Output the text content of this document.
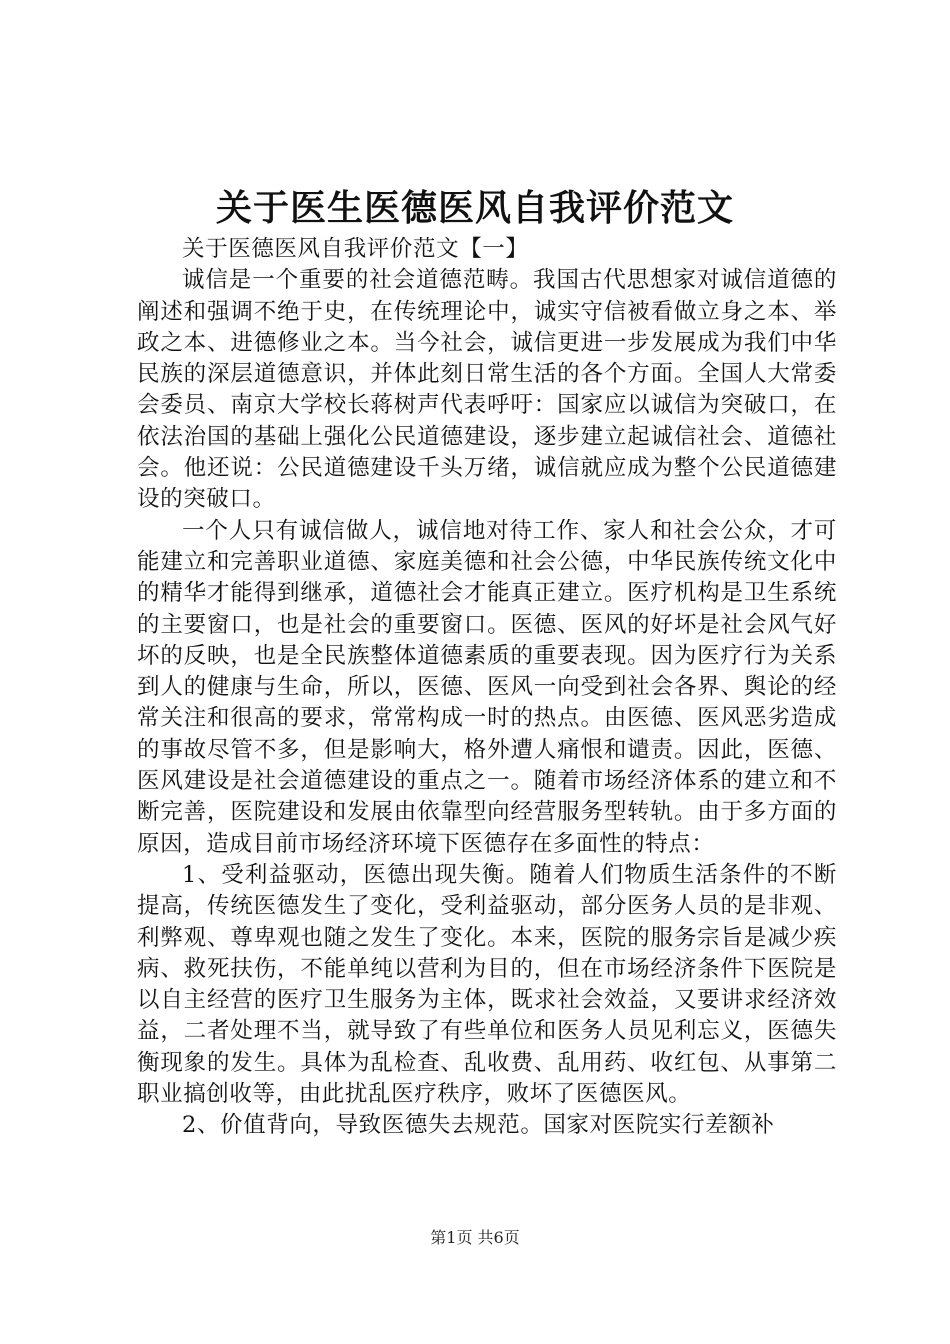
关于医生医德医风自我评价范文

关于医德医风自我评价范文【一】

诚信是一个重要的社会道德范畴。我国古代思想家对诚信道德的阐述和强调不绝于史，在传统理论中，诚实守信被看做立身之本、举政之本、进德修业之本。当今社会，诚信更进一步发展成为我们中华民族的深层道德意识，并体此刻日常生活的各个方面。全国人大常委会委员、南京大学校长蒋树声代表呼吁：国家应以诚信为突破口，在依法治国的基础上强化公民道德建设，逐步建立起诚信社会、道德社会。他还说：公民道德建设千头万绪，诚信就应成为整个公民道德建设的突破口。

一个人只有诚信做人，诚信地对待工作、家人和社会公众，才可能建立和完善职业道德、家庭美德和社会公德，中华民族传统文化中的精华才能得到继承，道德社会才能真正建立。医疗机构是卫生系统的主要窗口，也是社会的重要窗口。医德、医风的好坏是社会风气好坏的反映，也是全民族整体道德素质的重要表现。因为医疗行为关系到人的健康与生命，所以，医德、医风一向受到社会各界、舆论的经常关注和很高的要求，常常构成一时的热点。由医德、医风恶劣造成的事故尽管不多，但是影响大，格外遭人痛恨和谴责。因此，医德、医风建设是社会道德建设的重点之一。随着市场经济体系的建立和不断完善，医院建设和发展由依靠型向经营服务型转轨。由于多方面的原因，造成目前市场经济环境下医德存在多面性的特点：

1、受利益驱动，医德出现失衡。随着人们物质生活条件的不断提高，传统医德发生了变化，受利益驱动，部分医务人员的是非观、利弊观、尊卑观也随之发生了变化。本来，医院的服务宗旨是减少疾病、救死扶伤，不能单纯以营利为目的，但在市场经济条件下医院是以自主经营的医疗卫生服务为主体，既求社会效益，又要讲求经济效益，二者处理不当，就导致了有些单位和医务人员见利忘义，医德失衡现象的发生。具体为乱检查、乱收费、乱用药、收红包、从事第二职业搞创收等，由此扰乱医疗秩序，败坏了医德医风。

2、价值背向，导致医德失去规范。国家对医院实行差额补

第1页 共6页
